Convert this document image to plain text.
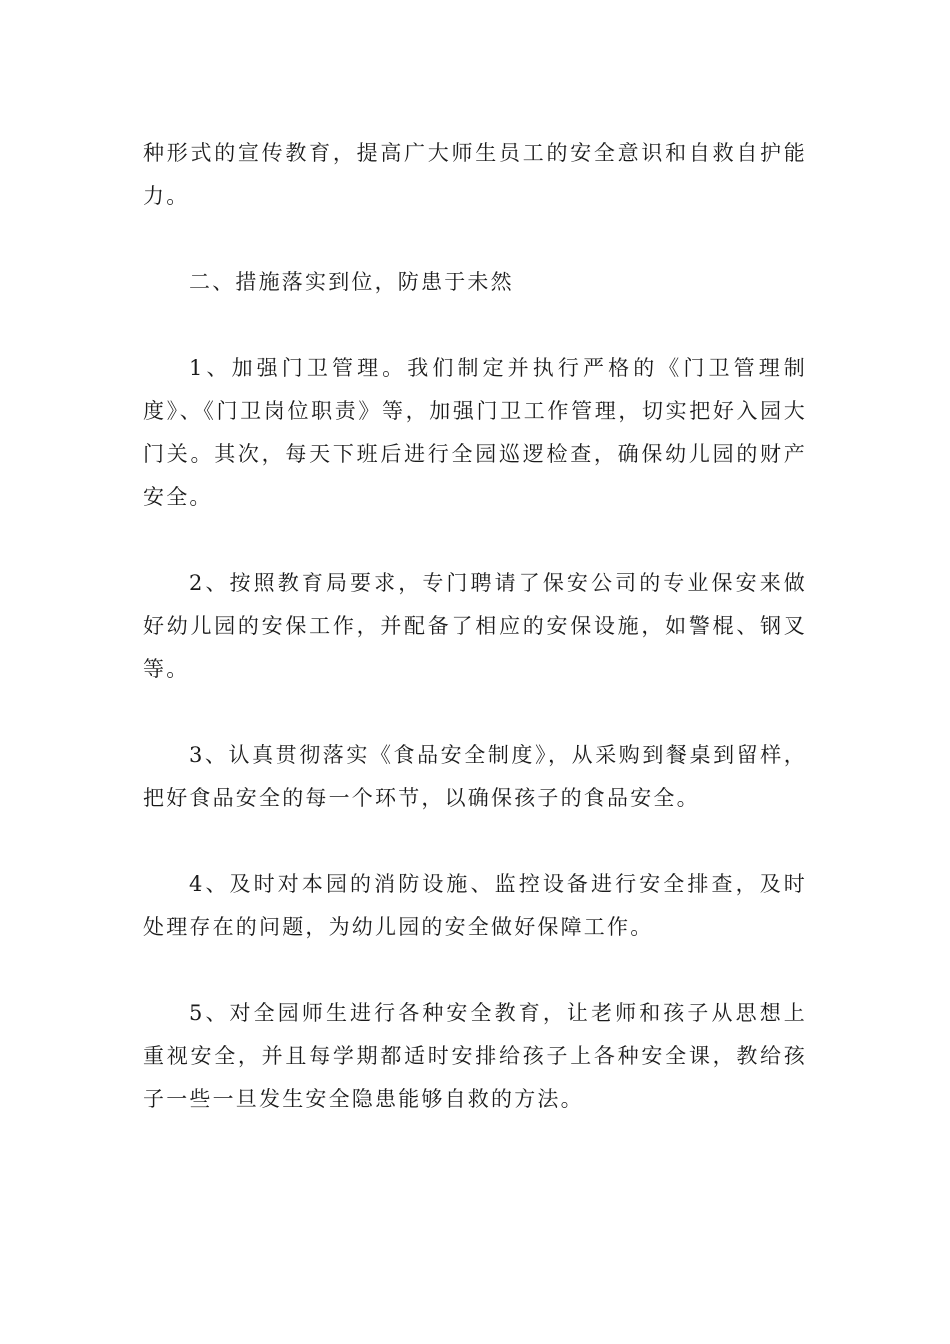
种形式的宣传教育，提高广大师生员工的安全意识和自救自护能力。

二、措施落实到位，防患于未然

1、加强门卫管理。我们制定并执行严格的《门卫管理制度》、《门卫岗位职责》等，加强门卫工作管理，切实把好入园大门关。其次，每天下班后进行全园巡逻检查，确保幼儿园的财产安全。

2、按照教育局要求，专门聘请了保安公司的专业保安来做好幼儿园的安保工作，并配备了相应的安保设施，如警棍、钢叉等。

3、认真贯彻落实《食品安全制度》，从采购到餐桌到留样，把好食品安全的每一个环节，以确保孩子的食品安全。

4、及时对本园的消防设施、监控设备进行安全排查，及时处理存在的问题，为幼儿园的安全做好保障工作。

5、对全园师生进行各种安全教育，让老师和孩子从思想上重视安全，并且每学期都适时安排给孩子上各种安全课，教给孩子一些一旦发生安全隐患能够自救的方法。
